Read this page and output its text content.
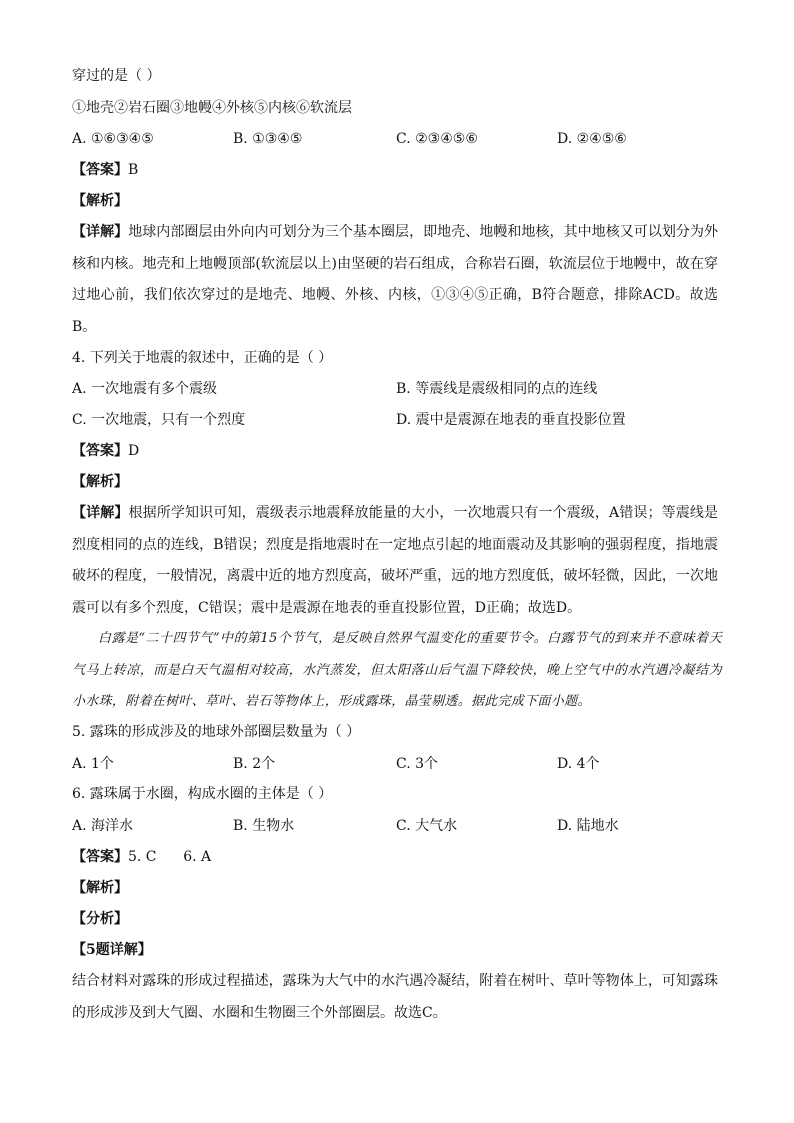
穿过的是（ ）
①地壳②岩石圈③地幔④外核⑤内核⑥软流层
A. ①⑥③④⑤	B. ①③④⑤	C. ②③④⑤⑥	D. ②④⑤⑥
【答案】B
【解析】
【详解】地球内部圈层由外向内可划分为三个基本圈层，即地壳、地幔和地核，其中地核又可以划分为外核和内核。地壳和上地幔顶部(软流层以上)由坚硬的岩石组成，合称岩石圈，软流层位于地幔中，故在穿过地心前，我们依次穿过的是地壳、地幔、外核、内核，①③④⑤正确，B符合题意，排除ACD。故选B。
4. 下列关于地震的叙述中，正确的是（ ）
A. 一次地震有多个震级	B. 等震线是震级相同的点的连线
C. 一次地震，只有一个烈度	D. 震中是震源在地表的垂直投影位置
【答案】D
【解析】
【详解】根据所学知识可知，震级表示地震释放能量的大小，一次地震只有一个震级，A错误；等震线是烈度相同的点的连线，B错误；烈度是指地震时在一定地点引起的地面震动及其影响的强弱程度，指地震破坏的程度，一般情况，离震中近的地方烈度高，破坏严重，远的地方烈度低，破坏轻微，因此，一次地震可以有多个烈度，C错误；震中是震源在地表的垂直投影位置，D正确；故选D。
白露是“二十四节气”中的第15个节气，是反映自然界气温变化的重要节令。白露节气的到来并不意味着天气马上转凉，而是白天气温相对较高，水汽蒸发，但太阳落山后气温下降较快，晚上空气中的水汽遇冷凝结为小水珠，附着在树叶、草叶、岩石等物体上，形成露珠，晶莹剔透。据此完成下面小题。
5. 露珠的形成涉及的地球外部圈层数量为（ ）
A. 1个	B. 2个	C. 3个	D. 4个
6. 露珠属于水圈，构成水圈的主体是（ ）
A. 海洋水	B. 生物水	C. 大气水	D. 陆地水
【答案】5. C      6. A
【解析】
【分析】
【5题详解】
结合材料对露珠的形成过程描述，露珠为大气中的水汽遇冷凝结，附着在树叶、草叶等物体上，可知露珠的形成涉及到大气圈、水圈和生物圈三个外部圈层。故选C。
